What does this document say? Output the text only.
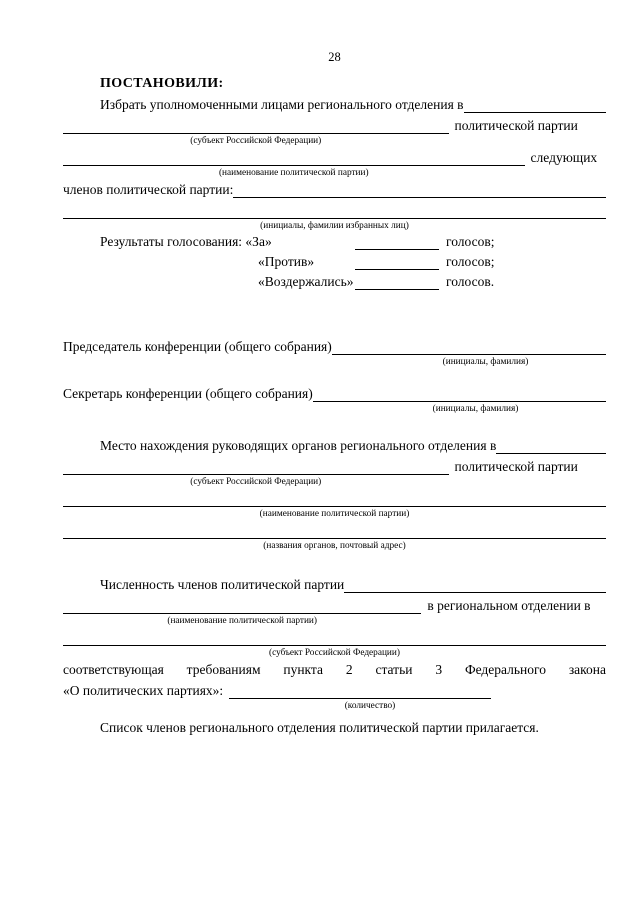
28
ПОСТАНОВИЛИ:
Избрать уполномоченными лицами регионального отделения в
политической партии
(субъект Российской Федерации)
следующих
(наименование политической партии)
членов политической партии:
(инициалы, фамилии избранных лиц)
Результаты голосования: «За»	голосов;
«Против»	голосов;
«Воздержались»	голосов.
Председатель конференции (общего собрания)
(инициалы, фамилия)
Секретарь конференции (общего собрания)
(инициалы, фамилия)
Место нахождения руководящих органов регионального отделения в
политической партии
(субъект Российской Федерации)
(наименование политической партии)
(названия органов, почтовый адрес)
Численность членов политической партии
в региональном отделении в
(наименование политической партии)
(субъект Российской Федерации)
соответствующая требованиям пункта 2 статьи 3 Федерального закона
«О политических партиях»:
(количество)
Список членов регионального отделения политической партии прилагается.
